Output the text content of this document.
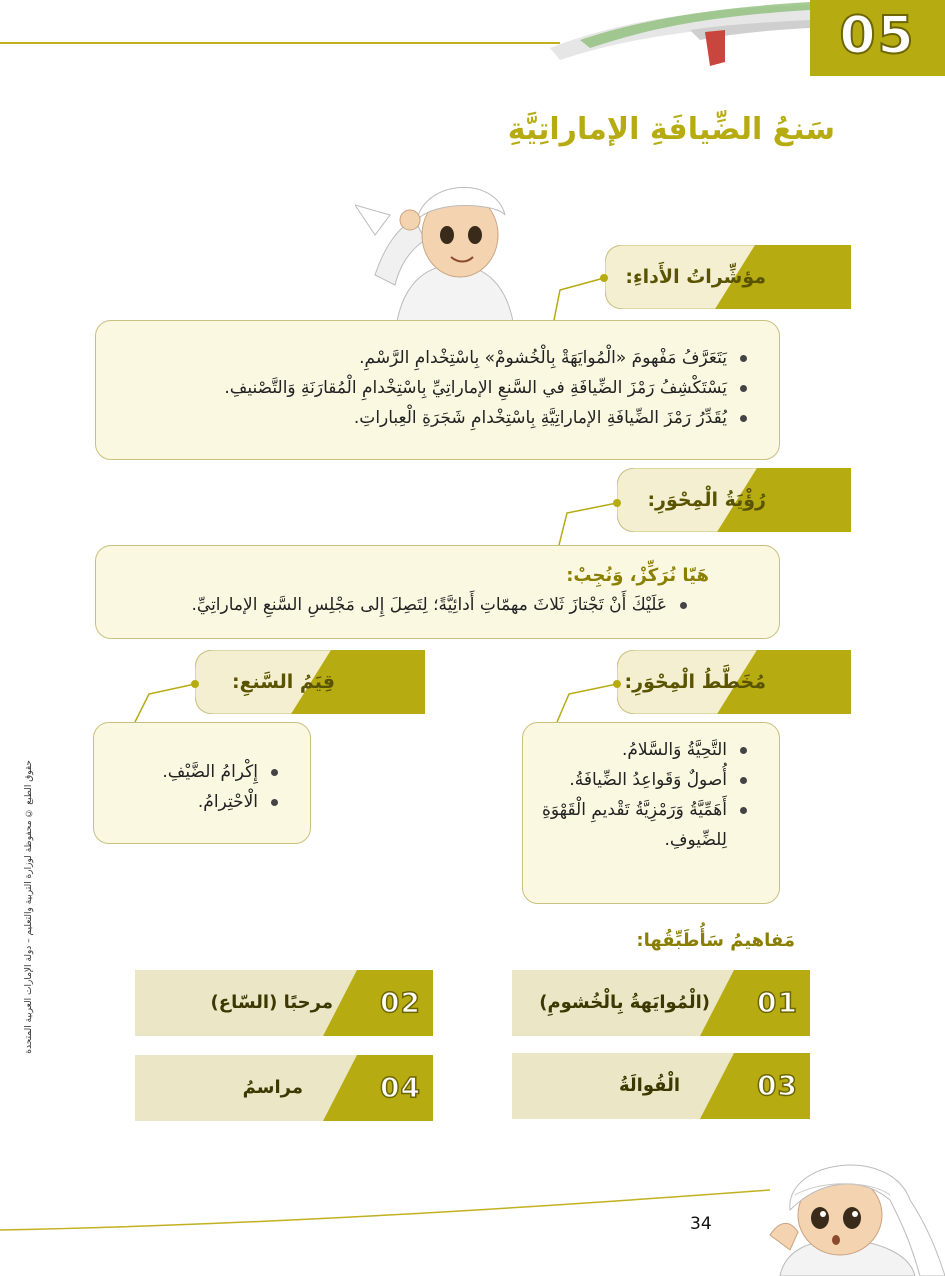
05
سَنعُ الضِّيافَةِ الإماراتِيَّةِ
مؤشِّراتُ الأَداءِ:
يَتَعَرَّفُ مَفْهومَ «الْمُوايَهَةْ بِالْخُشومْ» بِاسْتِخْدامِ الرَّسْمِ.
يَسْتَكْشِفُ رَمْزَ الضِّيافَةِ في السَّنعِ الإماراتِيِّ بِاسْتِخْدامِ الْمُقارَنَةِ وَالتَّصْنيفِ.
يُقَدِّرُ رَمْزَ الضِّيافَةِ الإماراتِيَّةِ بِاسْتِخْدامِ شَجَرَةِ الْعِباراتِ.
رُؤْيَةُ الْمِحْوَرِ:
هَيّا نُرَكِّزْ، وَنُجِبْ:
عَلَيْكَ أَنْ تَجْتازَ ثَلاثَ مهمّاتِ أَدائِيَّةً؛ لِتَصِلَ إِلى مَجْلِسِ السَّنعِ الإماراتِيِّ.
قِيَمُ السَّنعِ:
إِكْرامُ الضَّيْفِ.
الْاحْتِرامُ.
مُخَطَّطُ الْمِحْوَرِ:
التَّحِيَّةُ وَالسَّلامُ.
أُصولٌ وَقَواعِدُ الضِّيافَةُ.
أَهَمِّيَّةُ وَرَمْزِيَّةُ تَقْديمِ الْقَهْوَةِ لِلضِّيوفِ.
مَفاهيمُ سَأُطَبِّقُها:
01
(الْمُوايَهةُ بِالْخُشومِ)
02
مرحبًا (السّاع)
03
الْفُوالَةُ
04
مراسمُ
حقوق الطبع © محفوظة لوزارة التربية والتعليم – دولة الإمارات العربية المتحدة
34
